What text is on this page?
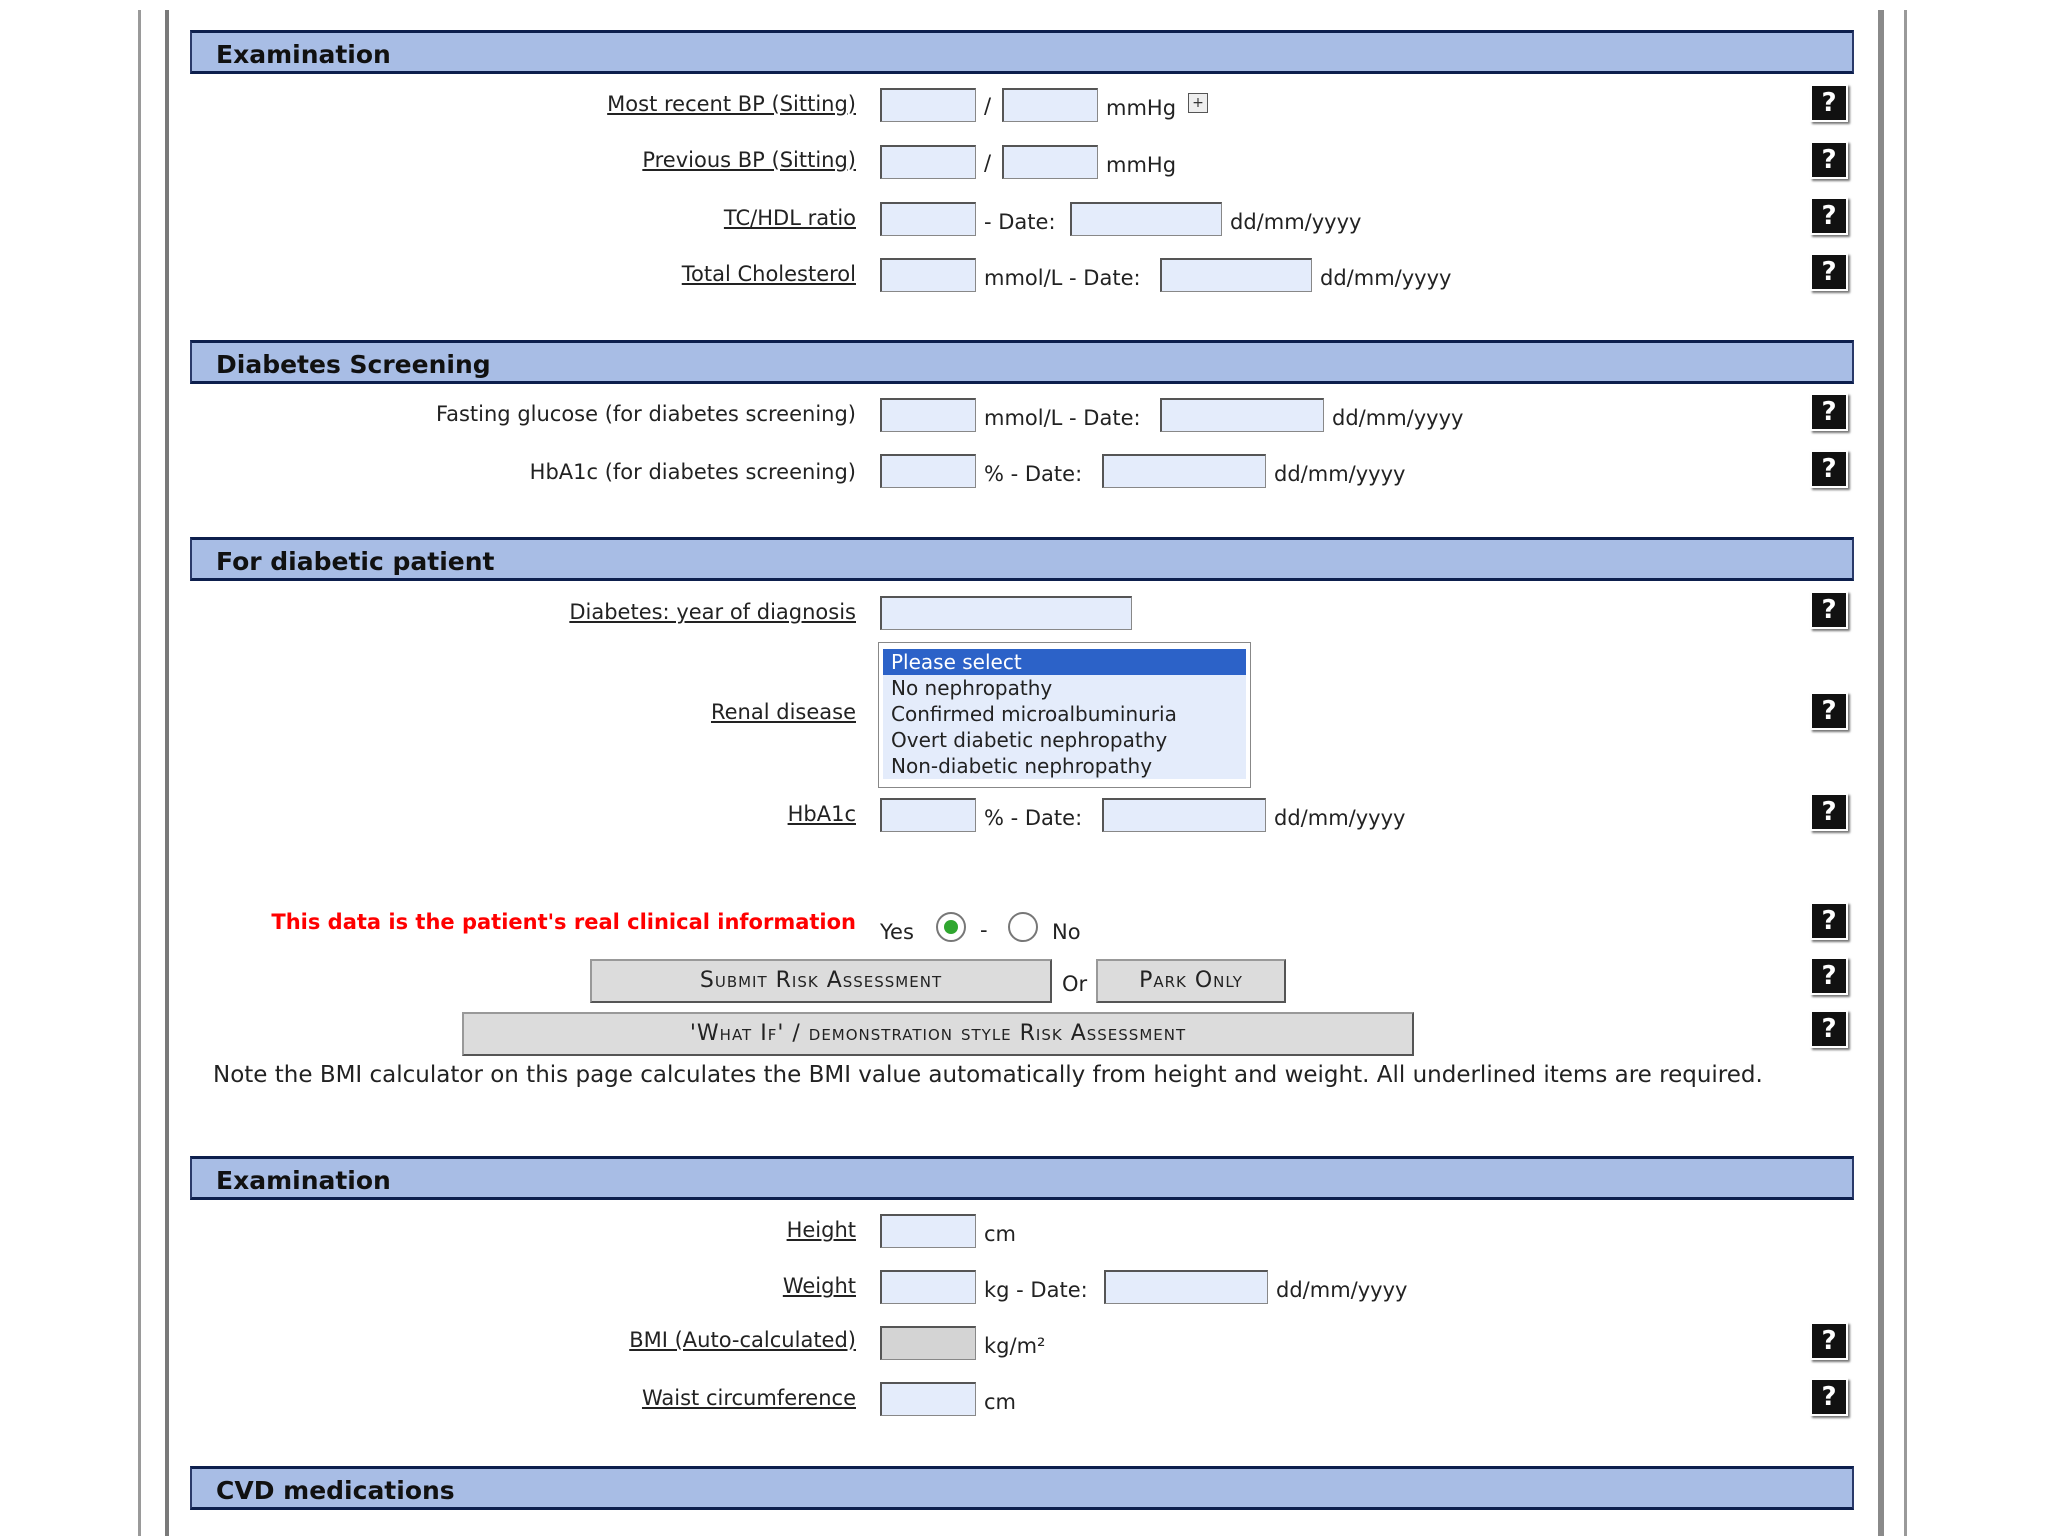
Examination
Most recent BP (Sitting)	/	mmHg +	?
Previous BP (Sitting)	/	mmHg	?
TC/HDL ratio	- Date:	dd/mm/yyyy	?
Total Cholesterol	mmol/L - Date:	dd/mm/yyyy	?
Diabetes Screening
Fasting glucose (for diabetes screening)	mmol/L - Date:	dd/mm/yyyy	?
HbA1c (for diabetes screening)	% - Date:	dd/mm/yyyy	?
For diabetic patient
Diabetes: year of diagnosis	?
Renal disease
Please select
No nephropathy
Confirmed microalbuminuria
Overt diabetic nephropathy
Non-diabetic nephropathy
?
HbA1c	% - Date:	dd/mm/yyyy	?
This data is the patient's real clinical information Yes	-	No	?
Submit Risk Assessment	Or	Park Only	?
'What If' / demonstration style Risk Assessment	?
Note the BMI calculator on this page calculates the BMI value automatically from height and weight. All underlined items are required.
Examination
Height	cm
Weight	kg - Date:	dd/mm/yyyy
BMI (Auto-calculated)	kg/m²	?
Waist circumference	cm	?
CVD medications
